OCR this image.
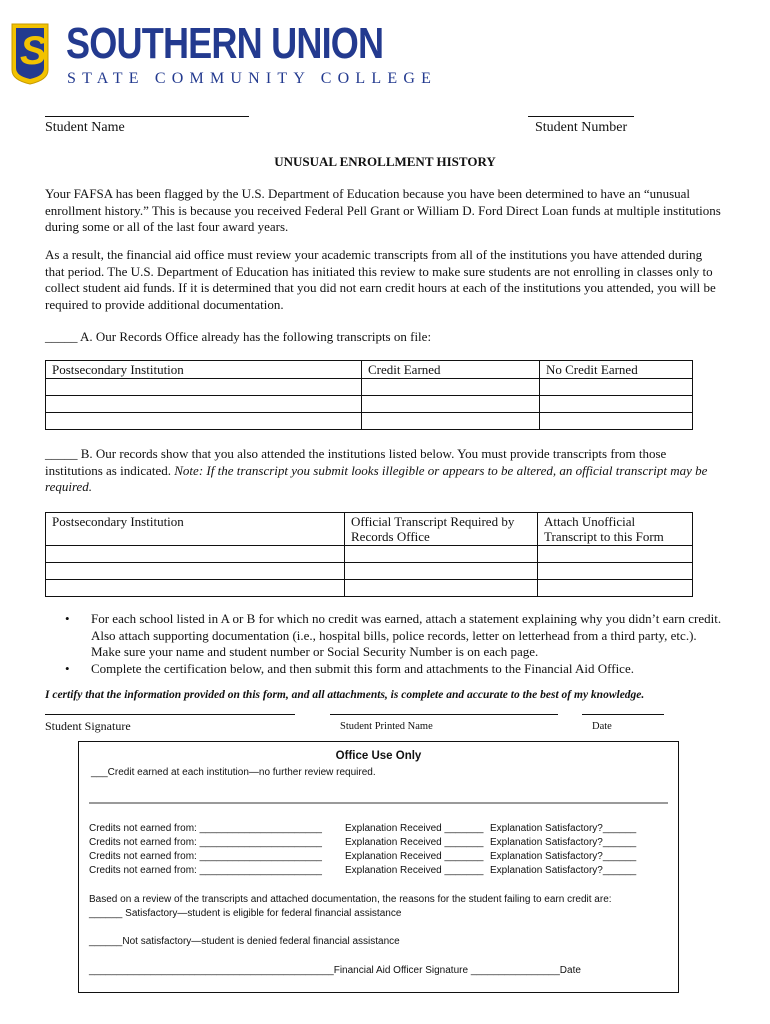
S SOUTHERN UNION
STATE COMMUNITY COLLEGE
Student Name	Student Number
UNUSUAL ENROLLMENT HISTORY
Your FAFSA has been flagged by the U.S. Department of Education because you have been determined to have an “unusual enrollment history.” This is because you received Federal Pell Grant or William D. Ford Direct Loan funds at multiple institutions during some or all of the last four award years.
As a result, the financial aid office must review your academic transcripts from all of the institutions you have attended during that period. The U.S. Department of Education has initiated this review to make sure students are not enrolling in classes only to collect student aid funds. If it is determined that you did not earn credit hours at each of the institutions you attended, you will be required to provide additional documentation.
_____ A. Our Records Office already has the following transcripts on file:
Postsecondary Institution	Credit Earned	No Credit Earned

_____ B. Our records show that you also attended the institutions listed below. You must provide transcripts from those institutions as indicated. Note: If the transcript you submit looks illegible or appears to be altered, an official transcript may be required.
Postsecondary Institution	Official Transcript Required by Records Office	Attach Unofficial Transcript to this Form

• For each school listed in A or B for which no credit was earned, attach a statement explaining why you didn’t earn credit. Also attach supporting documentation (i.e., hospital bills, police records, letter on letterhead from a third party, etc.). Make sure your name and student number or Social Security Number is on each page.
• Complete the certification below, and then submit this form and attachments to the Financial Aid Office.
I certify that the information provided on this form, and all attachments, is complete and accurate to the best of my knowledge.
Student Signature	Student Printed Name	Date
Office Use Only
___Credit earned at each institution—no further review required.
Credits not earned from: ______________________ Explanation Received _______ Explanation Satisfactory?______
Credits not earned from: ______________________ Explanation Received _______ Explanation Satisfactory?______
Credits not earned from: ______________________ Explanation Received _______ Explanation Satisfactory?______
Credits not earned from: ______________________ Explanation Received _______ Explanation Satisfactory?______
Based on a review of the transcripts and attached documentation, the reasons for the student failing to earn credit are:
______ Satisfactory—student is eligible for federal financial assistance
______Not satisfactory—student is denied federal financial assistance
____________________________________________Financial Aid Officer Signature ________________Date
